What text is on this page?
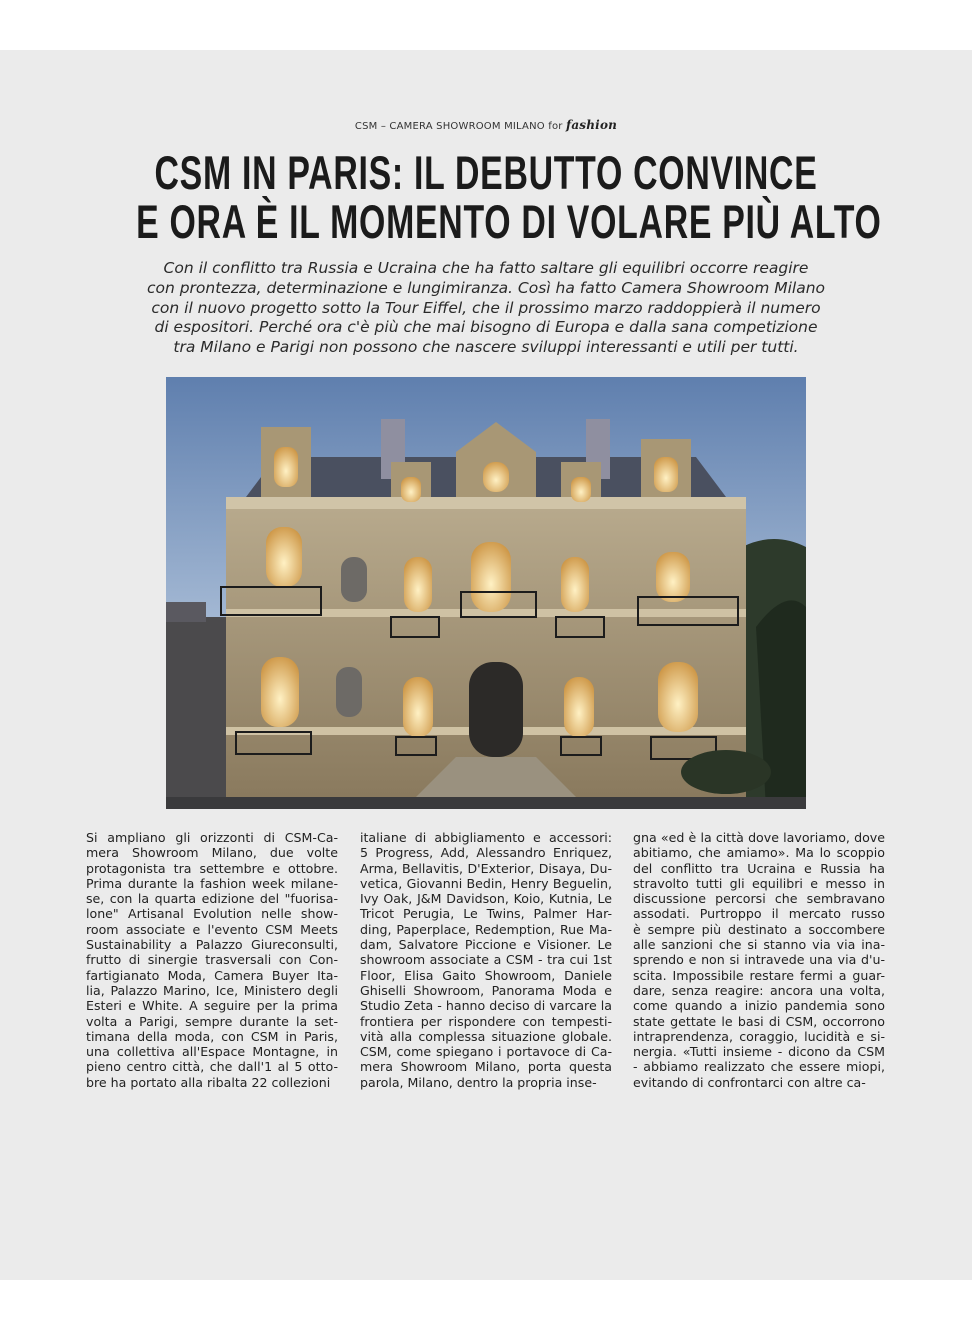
CSM – CAMERA SHOWROOM MILANO for fashion
CSM IN PARIS: IL DEBUTTO CONVINCE
E ORA È IL MOMENTO DI VOLARE PIÙ ALTO
Con il conflitto tra Russia e Ucraina che ha fatto saltare gli equilibri occorre reagire
con prontezza, determinazione e lungimiranza. Così ha fatto Camera Showroom Milano
con il nuovo progetto sotto la Tour Eiffel, che il prossimo marzo raddoppierà il numero
di espositori. Perché ora c'è più che mai bisogno di Europa e dalla sana competizione
tra Milano e Parigi non possono che nascere sviluppi interessanti e utili per tutti.
Si ampliano gli orizzonti di CSM-Ca-
mera Showroom Milano, due volte
protagonista tra settembre e ottobre.
Prima durante la fashion week milane-
se, con la quarta edizione del "fuorisa-
lone" Artisanal Evolution nelle show-
room associate e l'evento CSM Meets
Sustainability a Palazzo Giureconsulti,
frutto di sinergie trasversali con Con-
fartigianato Moda, Camera Buyer Ita-
lia, Palazzo Marino, Ice, Ministero degli
Esteri e White. A seguire per la prima
volta a Parigi, sempre durante la set-
timana della moda, con CSM in Paris,
una collettiva all'Espace Montagne, in
pieno centro città, che dall'1 al 5 otto-
bre ha portato alla ribalta 22 collezioni
italiane di abbigliamento e accessori:
5 Progress, Add, Alessandro Enriquez,
Arma, Bellavitis, D'Exterior, Disaya, Du-
vetica, Giovanni Bedin, Henry Beguelin,
Ivy Oak, J&M Davidson, Koio, Kutnia, Le
Tricot Perugia, Le Twins, Palmer Har-
ding, Paperplace, Redemption, Rue Ma-
dam, Salvatore Piccione e Visioner. Le
showroom associate a CSM - tra cui 1st
Floor, Elisa Gaito Showroom, Daniele
Ghiselli Showroom, Panorama Moda e
Studio Zeta - hanno deciso di varcare la
frontiera per rispondere con tempesti-
vità alla complessa situazione globale.
CSM, come spiegano i portavoce di Ca-
mera Showroom Milano, porta questa
parola, Milano, dentro la propria inse-
gna «ed è la città dove lavoriamo, dove
abitiamo, che amiamo». Ma lo scoppio
del conflitto tra Ucraina e Russia ha
stravolto tutti gli equilibri e messo in
discussione percorsi che sembravano
assodati. Purtroppo il mercato russo
è sempre più destinato a soccombere
alle sanzioni che si stanno via via ina-
sprendo e non si intravede una via d'u-
scita. Impossibile restare fermi a guar-
dare, senza reagire: ancora una volta,
come quando a inizio pandemia sono
state gettate le basi di CSM, occorrono
intraprendenza, coraggio, lucidità e si-
nergia. «Tutti insieme - dicono da CSM
- abbiamo realizzato che essere miopi,
evitando di confrontarci con altre ca-
